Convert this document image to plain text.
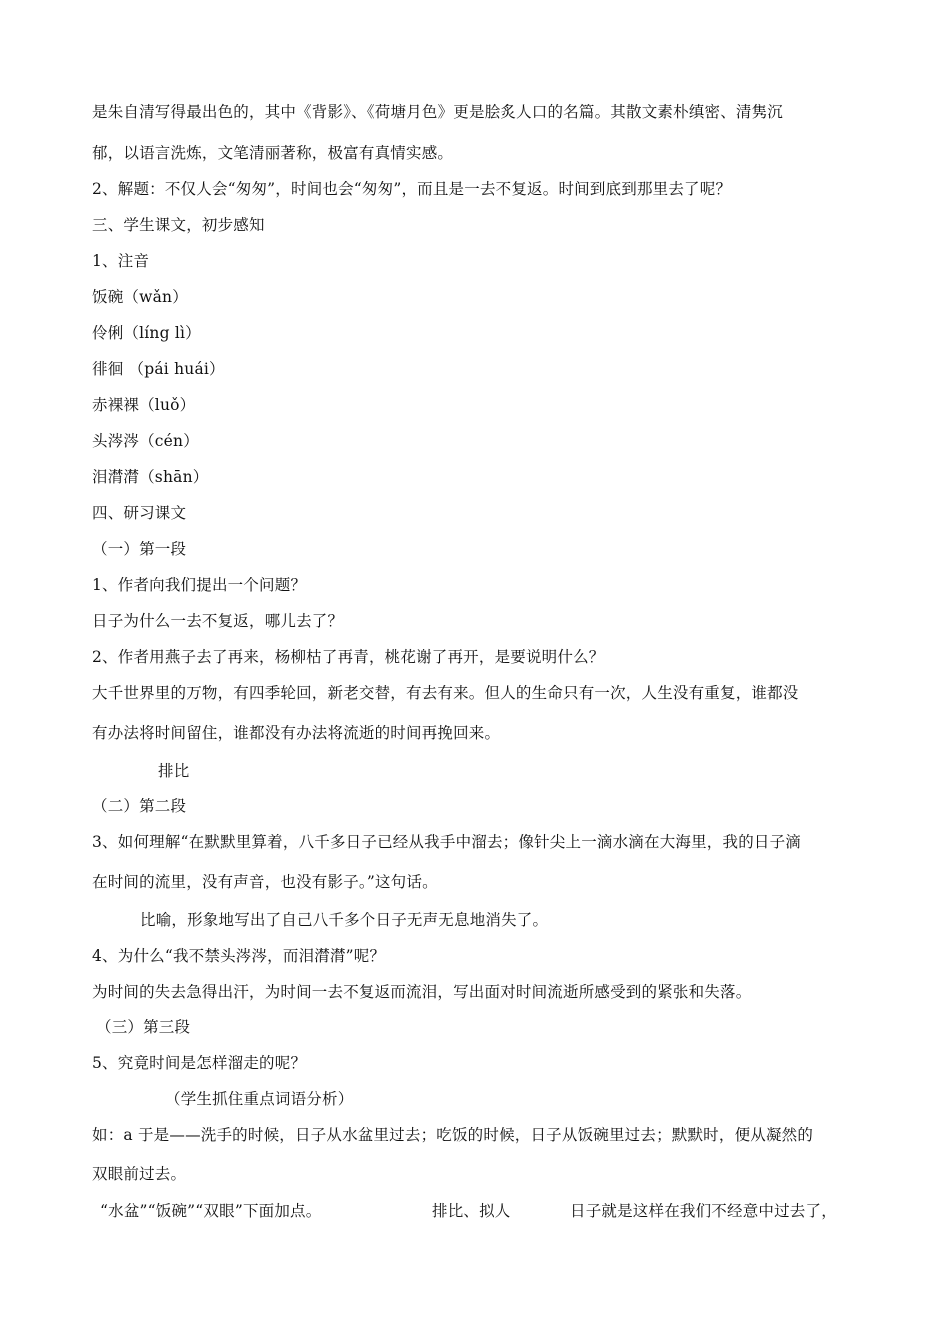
是朱自清写得最出色的，其中《背影》、《荷塘月色》更是脍炙人口的名篇。其散文素朴缜密、清隽沉
郁，以语言洗炼，文笔清丽著称，极富有真情实感。
2、解题：不仅人会“匆匆”，时间也会“匆匆”，而且是一去不复返。时间到底到那里去了呢？
三、学生课文，初步感知
1、注音
饭碗（wǎn）
伶俐（líng lì）
徘徊 （pái huái）
赤裸裸（luǒ）
头涔涔（cén）
泪潸潸（shān）
四、研习课文
（一）第一段
1、作者向我们提出一个问题？
日子为什么一去不复返，哪儿去了？
2、作者用燕子去了再来，杨柳枯了再青，桃花谢了再开，是要说明什么？
大千世界里的万物，有四季轮回，新老交替，有去有来。但人的生命只有一次，人生没有重复，谁都没
有办法将时间留住，谁都没有办法将流逝的时间再挽回来。
排比
（二）第二段
3、如何理解“在默默里算着，八千多日子已经从我手中溜去；像针尖上一滴水滴在大海里，我的日子滴
在时间的流里，没有声音，也没有影子。”这句话。
比喻，形象地写出了自己八千多个日子无声无息地消失了。
4、为什么“我不禁头涔涔，而泪潸潸”呢？
为时间的失去急得出汗，为时间一去不复返而流泪，写出面对时间流逝所感受到的紧张和失落。
（三）第三段
5、究竟时间是怎样溜走的呢？
（学生抓住重点词语分析）
如：a 于是——洗手的时候，日子从水盆里过去；吃饭的时候，日子从饭碗里过去；默默时，便从凝然的
双眼前过去。
“水盆”“饭碗”“双眼”下面加点。	排比、拟人	日子就是这样在我们不经意中过去了，
